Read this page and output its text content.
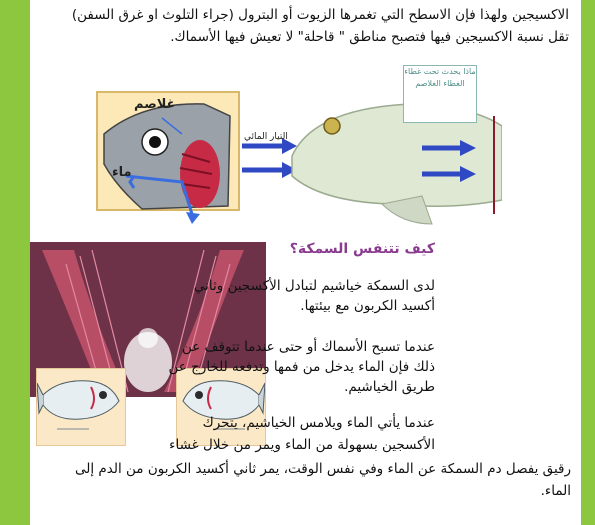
الاكسيجين ولهذا فإن الاسطح التي تغمرها الزيوت أو البترول (جراء التلوث او غرق السفن)
تقل نسبة الاكسيجين فيها فتصبح مناطق " قاحلة" لا تعيش فيها الأسماك.
غلاصم
ماء
التيار المائي
ماذا يحدث تحت غطاء الغطاء الغلاصم
كيف تتنفس السمكة؟
لدى السمكة خياشيم لتبادل الأكسجين وثاني
أكسيد الكربون مع بيئتها.
عندما تسبح الأسماك أو حتى عندما تتوقف عن
ذلك فإن الماء يدخل من فمها وتدفعه للخارج عن
طريق الخياشيم.
عندما يأتي الماء ويلامس الخياشيم، يتحرك
الأكسجين بسهولة من الماء ويمر من خلال غشاء
رقيق يفصل دم السمكة عن الماء وفي نفس الوقت، يمر ثاني أكسيد الكربون من الدم إلى
الماء.
